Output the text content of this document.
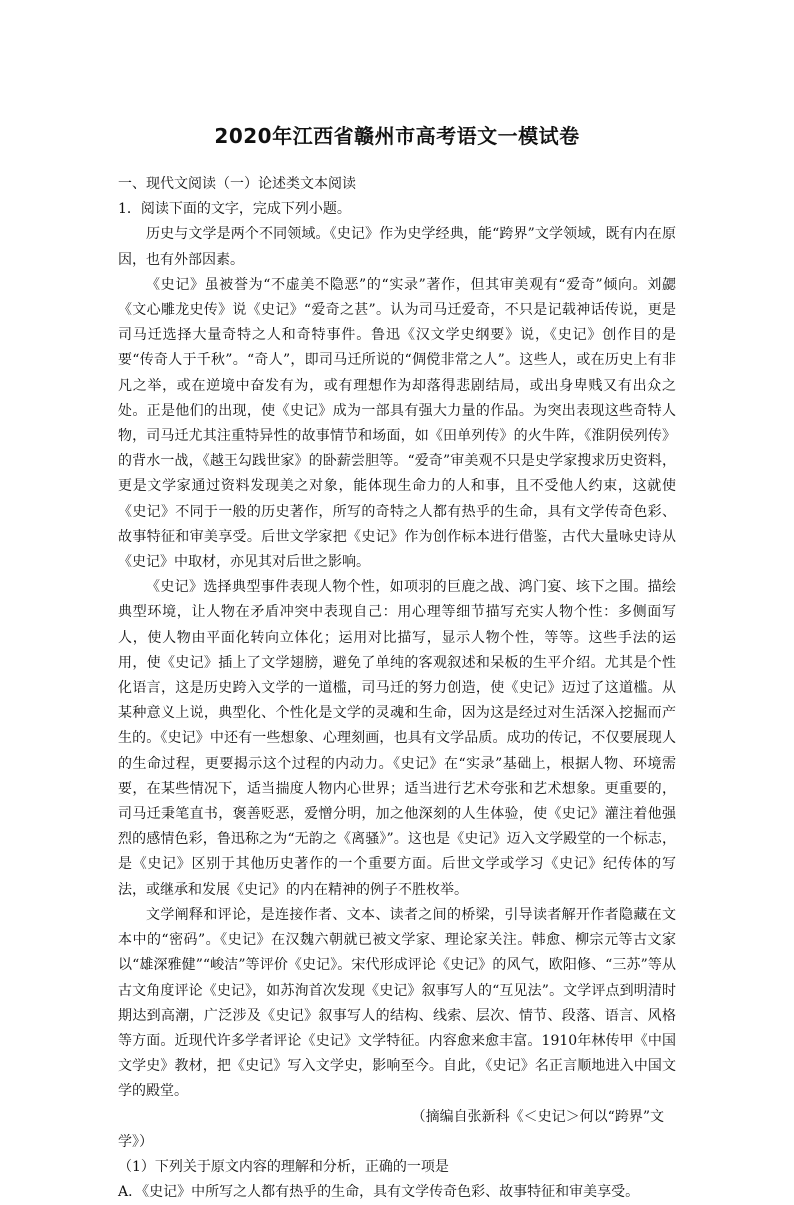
2020年江西省赣州市高考语文一模试卷

一、现代文阅读（一）论述类文本阅读

1．阅读下面的文字，完成下列小题。

历史与文学是两个不同领域。《史记》作为史学经典，能“跨界”文学领域，既有内在原因，也有外部因素。

《史记》虽被誉为“不虚美不隐恶”的“实录”著作，但其审美观有“爱奇”倾向。刘勰《文心雕龙史传》说《史记》“爱奇之甚”。认为司马迁爱奇，不只是记载神话传说，更是司马迁选择大量奇特之人和奇特事件。鲁迅《汉文学史纲要》说，《史记》创作目的是要“传奇人于千秋”。“奇人”，即司马迁所说的“倜傥非常之人”。这些人，或在历史上有非凡之举，或在逆境中奋发有为，或有理想作为却落得悲剧结局，或出身卑贱又有出众之处。正是他们的出现，使《史记》成为一部具有强大力量的作品。为突出表现这些奇特人物，司马迁尤其注重特异性的故事情节和场面，如《田单列传》的火牛阵，《淮阴侯列传》的背水一战，《越王勾践世家》的卧薪尝胆等。“爱奇”审美观不只是史学家搜求历史资料，更是文学家通过资料发现美之对象，能体现生命力的人和事，且不受他人约束，这就使《史记》不同于一般的历史著作，所写的奇特之人都有热乎的生命，具有文学传奇色彩、故事特征和审美享受。后世文学家把《史记》作为创作标本进行借鉴，古代大量咏史诗从《史记》中取材，亦见其对后世之影响。

《史记》选择典型事件表现人物个性，如项羽的巨鹿之战、鸿门宴、垓下之围。描绘典型环境，让人物在矛盾冲突中表现自己：用心理等细节描写充实人物个性：多侧面写人，使人物由平面化转向立体化；运用对比描写，显示人物个性，等等。这些手法的运用，使《史记》插上了文学翅膀，避免了单纯的客观叙述和呆板的生平介绍。尤其是个性化语言，这是历史跨入文学的一道槛，司马迁的努力创造，使《史记》迈过了这道槛。从某种意义上说，典型化、个性化是文学的灵魂和生命，因为这是经过对生活深入挖掘而产生的。《史记》中还有一些想象、心理刻画，也具有文学品质。成功的传记，不仅要展现人的生命过程，更要揭示这个过程的内动力。《史记》在“实录”基础上，根据人物、环境需要，在某些情况下，适当揣度人物内心世界；适当进行艺术夸张和艺术想象。更重要的，司马迁秉笔直书，褒善贬恶，爱憎分明，加之他深刻的人生体验，使《史记》灌注着他强烈的感情色彩，鲁迅称之为“无韵之《离骚》”。这也是《史记》迈入文学殿堂的一个标志，是《史记》区别于其他历史著作的一个重要方面。后世文学或学习《史记》纪传体的写法，或继承和发展《史记》的内在精神的例子不胜枚举。

文学阐释和评论，是连接作者、文本、读者之间的桥梁，引导读者解开作者隐藏在文本中的“密码”。《史记》在汉魏六朝就已被文学家、理论家关注。韩愈、柳宗元等古文家以“雄深雅健”“峻洁”等评价《史记》。宋代形成评论《史记》的风气，欧阳修、“三苏”等从古文角度评论《史记》，如苏洵首次发现《史记》叙事写人的“互见法”。文学评点到明清时期达到高潮，广泛涉及《史记》叙事写人的结构、线索、层次、情节、段落、语言、风格等方面。近现代许多学者评论《史记》文学特征。内容愈来愈丰富。1910年林传甲《中国文学史》教材，把《史记》写入文学史，影响至今。自此，《史记》名正言顺地进入中国文学的殿堂。

（摘编自张新科《＜史记＞何以“跨界”文

学》）

（1）下列关于原文内容的理解和分析，正确的一项是

A．《史记》中所写之人都有热乎的生命，具有文学传奇色彩、故事特征和审美享受。
